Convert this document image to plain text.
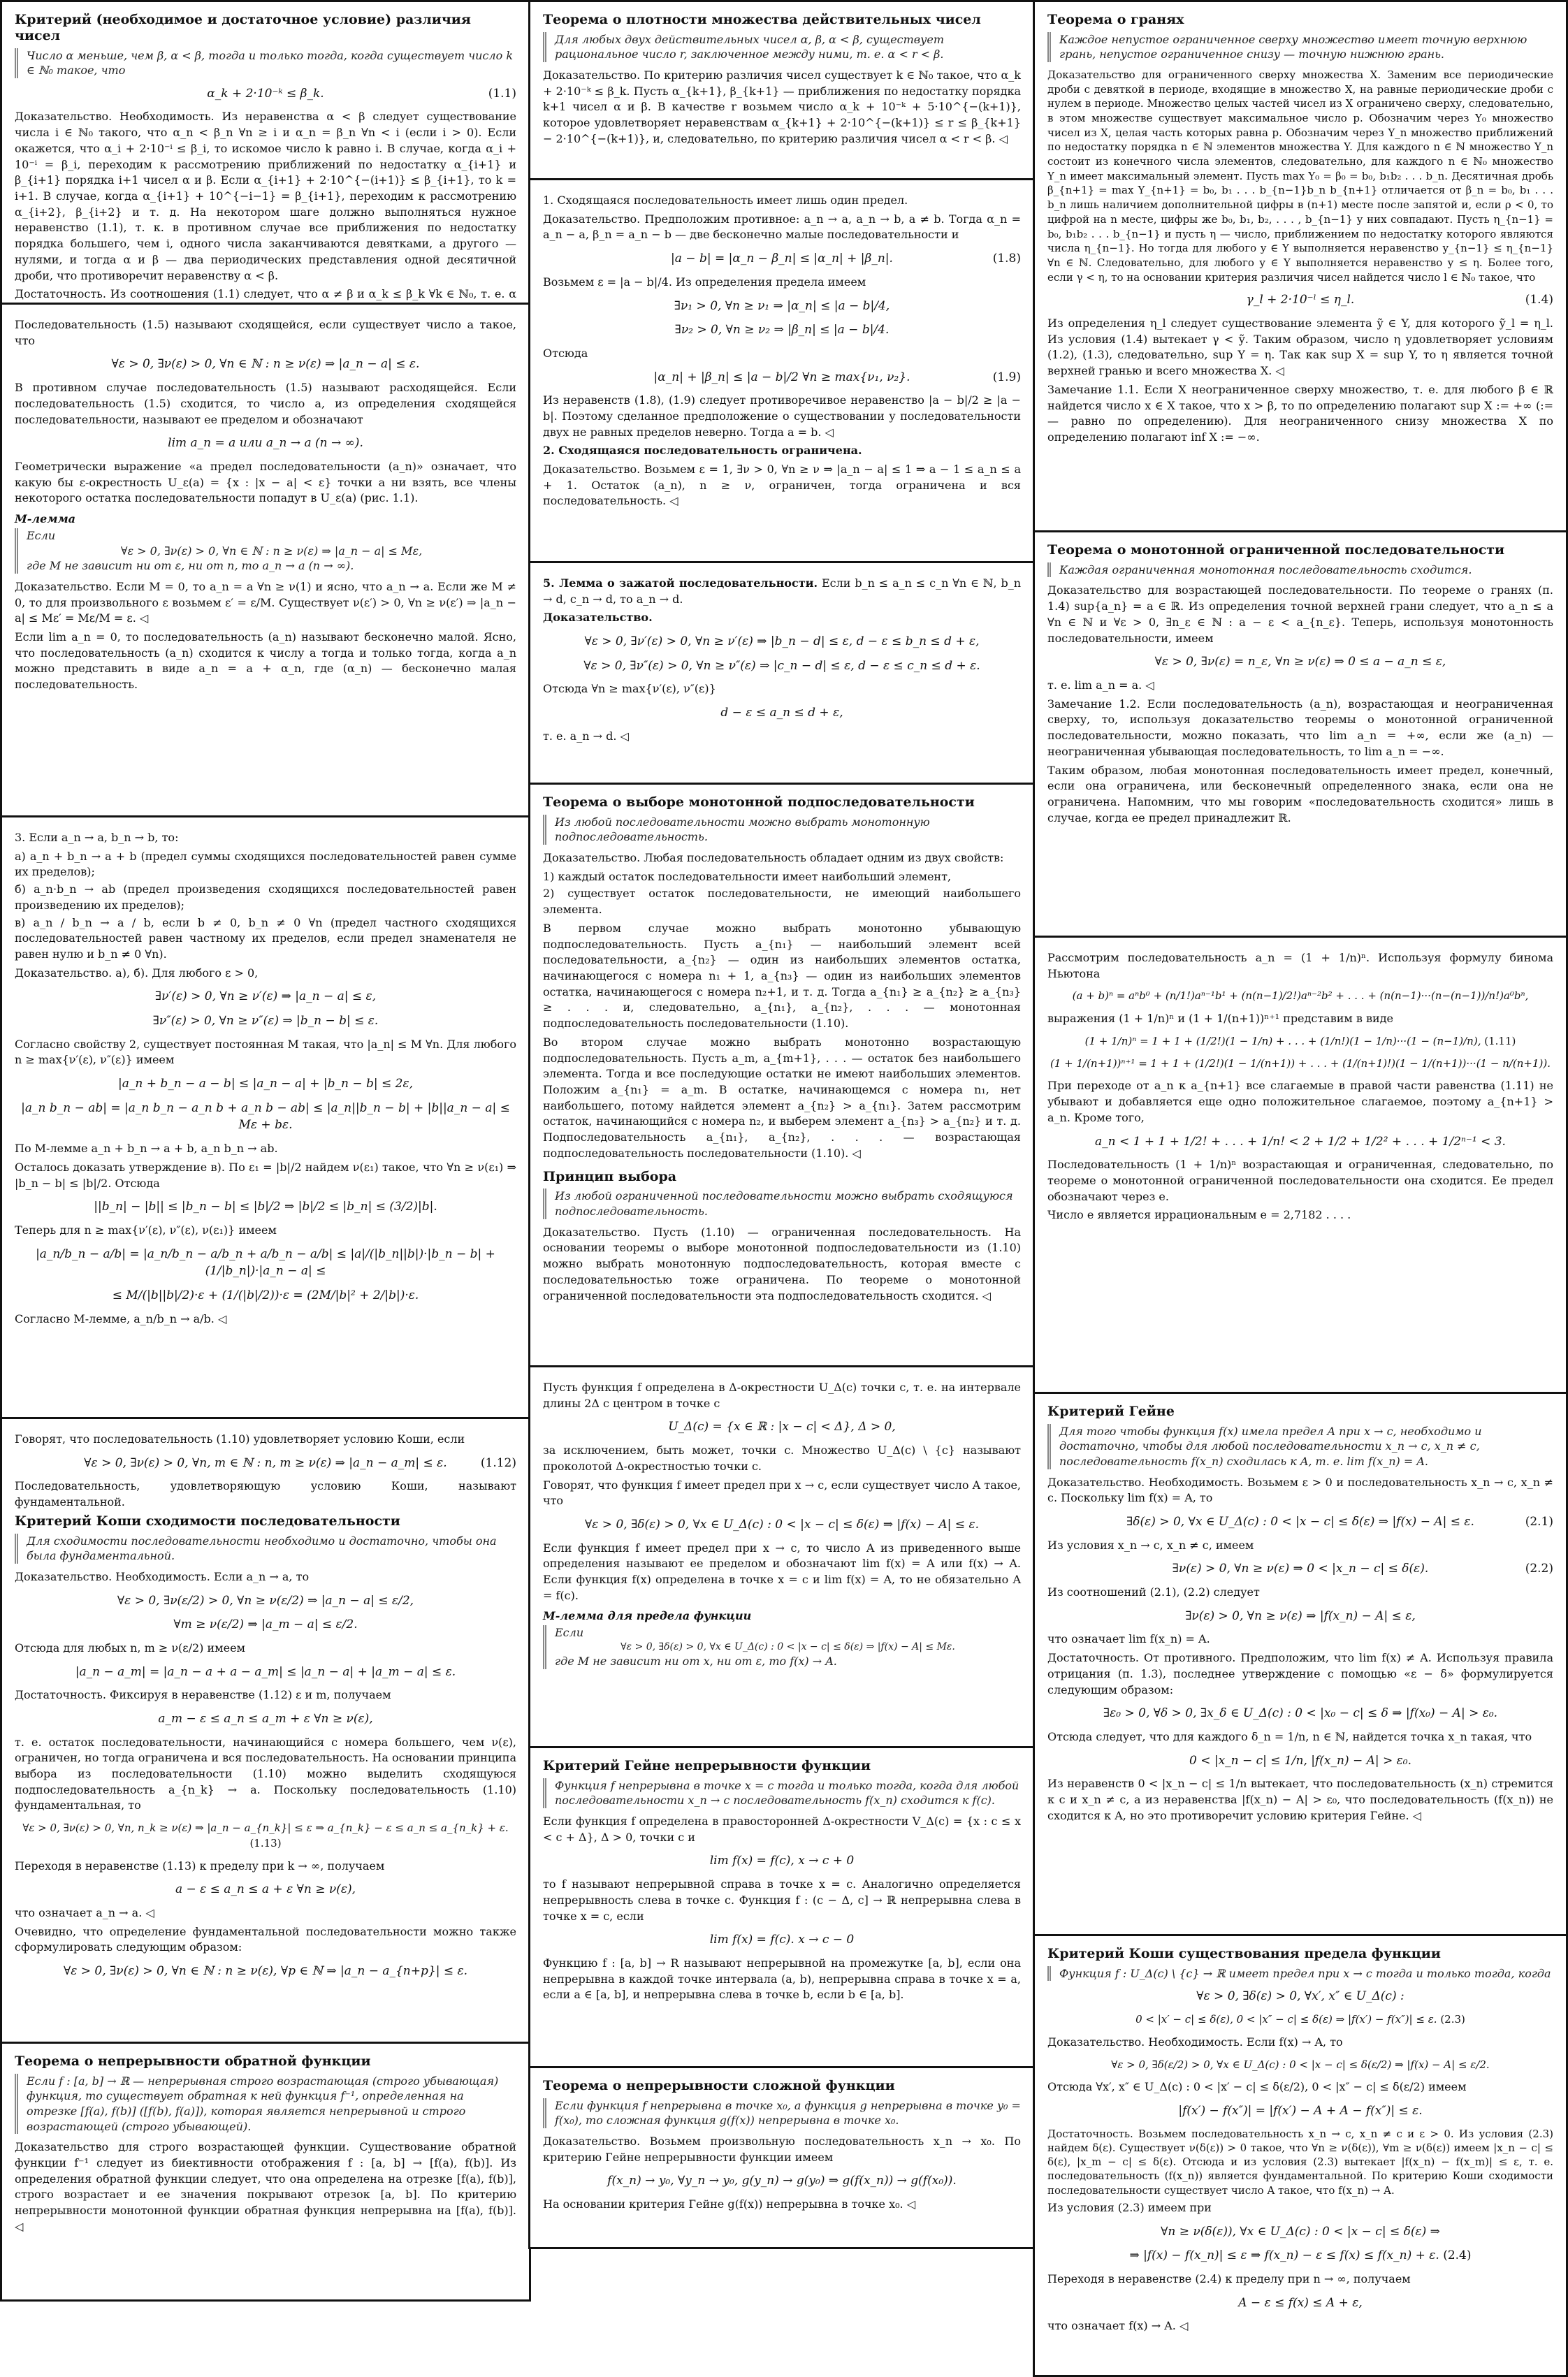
Критерий (необходимое и достаточное условие) различия чисел
Число α меньше, чем β, α < β, тогда и только тогда, когда существует число k ∈ ℕ₀ такое, что
α_k + 2·10⁻ᵏ ≤ β_k.	(1.1)

Доказательство. Необходимость. Из неравенства α < β следует существование числа i ∈ ℕ₀ такого, что α_n < β_n ∀n ≥ i и α_n = β_n ∀n < i (если i > 0). Если окажется, что α_i + 2·10⁻ⁱ ≤ β_i, то искомое число k равно i. В случае, когда α_i + 10⁻ⁱ = β_i, переходим к рассмотрению приближений по недостатку α_{i+1} и β_{i+1} порядка i+1 чисел α и β. Если α_{i+1} + 2·10^{−(i+1)} ≤ β_{i+1}, то k = i+1. В случае, когда α_{i+1} + 10^{−i−1} = β_{i+1}, переходим к рассмотрению α_{i+2}, β_{i+2} и т. д. На некотором шаге должно выполняться нужное неравенство (1.1), т. к. в противном случае все приближения по недостатку порядка большего, чем i, одного числа заканчиваются девятками, а другого — нулями, и тогда α и β — два периодических представления одной десятичной дроби, что противоречит неравенству α < β.

Достаточность. Из соотношения (1.1) следует, что α ≠ β и α_k ≤ β_k ∀k ∈ ℕ₀, т. е. α

Последовательность (1.5) называют сходящейся, если существует число a такое, что

∀ε > 0, ∃ν(ε) > 0, ∀n ∈ ℕ : n ≥ ν(ε) ⇒ |a_n − a| ≤ ε.

В противном случае последовательность (1.5) называют расходящейся. Если последовательность (1.5) сходится, то число a, из определения сходящейся последовательности, называют ее пределом и обозначают

lim a_n = a или a_n → a (n → ∞).

Геометрически выражение «a предел последовательности (a_n)» означает, что какую бы ε-окрестность U_ε(a) = {x : |x − a| < ε} точки a ни взять, все члены некоторого остатка последовательности попадут в U_ε(a) (рис. 1.1).

M-лемма
Если
∀ε > 0, ∃ν(ε) > 0, ∀n ∈ ℕ : n ≥ ν(ε) ⇒ |a_n − a| ≤ Mε,
где M не зависит ни от ε, ни от n, то a_n → a (n → ∞).

Доказательство. Если M = 0, то a_n = a ∀n ≥ ν(1) и ясно, что a_n → a. Если же M ≠ 0, то для произвольного ε возьмем ε′ = ε/M. Существует ν(ε′) > 0, ∀n ≥ ν(ε′) ⇒ |a_n − a| ≤ Mε′ = Mε/M = ε. ◁

Если lim a_n = 0, то последовательность (a_n) называют бесконечно малой. Ясно, что последовательность (a_n) сходится к числу a тогда и только тогда, когда a_n можно представить в виде a_n = a + α_n, где (α_n) — бесконечно малая последовательность.

3. Если a_n → a, b_n → b, то:

а) a_n + b_n → a + b (предел суммы сходящихся последовательностей равен сумме их пределов);

б) a_n·b_n → ab (предел произведения сходящихся последовательностей равен произведению их пределов);

в) a_n / b_n → a / b, если b ≠ 0, b_n ≠ 0 ∀n (предел частного сходящихся последовательностей равен частному их пределов, если предел знаменателя не равен нулю и b_n ≠ 0 ∀n).

Доказательство. а), б). Для любого ε > 0,

∃ν′(ε) > 0, ∀n ≥ ν′(ε) ⇒ |a_n − a| ≤ ε,
∃ν″(ε) > 0, ∀n ≥ ν″(ε) ⇒ |b_n − b| ≤ ε.

Согласно свойству 2, существует постоянная M такая, что |a_n| ≤ M ∀n. Для любого n ≥ max{ν′(ε), ν″(ε)} имеем

|a_n + b_n − a − b| ≤ |a_n − a| + |b_n − b| ≤ 2ε,
|a_n b_n − ab| = |a_n b_n − a_n b + a_n b − ab| ≤ |a_n||b_n − b| + |b||a_n − a| ≤ Mε + bε.

По M-лемме a_n + b_n → a + b, a_n b_n → ab.

Осталось доказать утверждение в). По ε₁ = |b|/2 найдем ν(ε₁) такое, что ∀n ≥ ν(ε₁) ⇒ |b_n − b| ≤ |b|/2. Отсюда

||b_n| − |b|| ≤ |b_n − b| ≤ |b|/2 ⇒ |b|/2 ≤ |b_n| ≤ (3/2)|b|.

Теперь для n ≥ max{ν′(ε), ν″(ε), ν(ε₁)} имеем

|a_n/b_n − a/b| = |a_n/b_n − a/b_n + a/b_n − a/b| ≤ |a|/(|b_n||b|)·|b_n − b| + (1/|b_n|)·|a_n − a| ≤
≤ M/(|b||b|/2)·ε + (1/(|b|/2))·ε = (2M/|b|² + 2/|b|)·ε.

Согласно M-лемме, a_n/b_n → a/b. ◁

Говорят, что последовательность (1.10) удовлетворяет условию Коши, если

∀ε > 0, ∃ν(ε) > 0, ∀n, m ∈ ℕ : n, m ≥ ν(ε) ⇒ |a_n − a_m| ≤ ε.	(1.12)

Последовательность, удовлетворяющую условию Коши, называют фундаментальной.

Критерий Коши сходимости последовательности
Для сходимости последовательности необходимо и достаточно, чтобы она была фундаментальной.

Доказательство. Необходимость. Если a_n → a, то

∀ε > 0, ∃ν(ε/2) > 0, ∀n ≥ ν(ε/2) ⇒ |a_n − a| ≤ ε/2,
∀m ≥ ν(ε/2) ⇒ |a_m − a| ≤ ε/2.

Отсюда для любых n, m ≥ ν(ε/2) имеем

|a_n − a_m| = |a_n − a + a − a_m| ≤ |a_n − a| + |a_m − a| ≤ ε.

Достаточность. Фиксируя в неравенстве (1.12) ε и m, получаем

a_m − ε ≤ a_n ≤ a_m + ε ∀n ≥ ν(ε),

т. е. остаток последовательности, начинающийся с номера большего, чем ν(ε), ограничен, но тогда ограничена и вся последовательность. На основании принципа выбора из последовательности (1.10) можно выделить сходящуюся подпоследовательность a_{n_k} → a. Поскольку последовательность (1.10) фундаментальная, то

∀ε > 0, ∃ν(ε) > 0, ∀n, n_k ≥ ν(ε) ⇒ |a_n − a_{n_k}| ≤ ε ⇒ a_{n_k} − ε ≤ a_n ≤ a_{n_k} + ε. (1.13)

Переходя в неравенстве (1.13) к пределу при k → ∞, получаем

a − ε ≤ a_n ≤ a + ε ∀n ≥ ν(ε),

что означает a_n → a. ◁

Очевидно, что определение фундаментальной последовательности можно также сформулировать следующим образом:

∀ε > 0, ∃ν(ε) > 0, ∀n ∈ ℕ : n ≥ ν(ε), ∀p ∈ ℕ ⇒ |a_n − a_{n+p}| ≤ ε.
Теорема о непрерывности обратной функции
Если f : [a, b] → ℝ — непрерывная строго возрастающая (строго убывающая) функция, то существует обратная к ней функция f⁻¹, определенная на отрезке [f(a), f(b)] ([f(b), f(a)]), которая является непрерывной и строго возрастающей (строго убывающей).

Доказательство для строго возрастающей функции. Существование обратной функции f⁻¹ следует из биективности отображения f : [a, b] → [f(a), f(b)]. Из определения обратной функции следует, что она определена на отрезке [f(a), f(b)], строго возрастает и ее значения покрывают отрезок [a, b]. По критерию непрерывности монотонной функции обратная функция непрерывна на [f(a), f(b)]. ◁

Теорема о плотности множества действительных чисел
Для любых двух действительных чисел α, β, α < β, существует рациональное число r, заключенное между ними, т. е. α < r < β.

Доказательство. По критерию различия чисел существует k ∈ ℕ₀ такое, что α_k + 2·10⁻ᵏ ≤ β_k. Пусть α_{k+1}, β_{k+1} — приближения по недостатку порядка k+1 чисел α и β. В качестве r возьмем число α_k + 10⁻ᵏ + 5·10^{−(k+1)}, которое удовлетворяет неравенствам α_{k+1} + 2·10^{−(k+1)} ≤ r ≤ β_{k+1} − 2·10^{−(k+1)}, и, следовательно, по критерию различия чисел α < r < β. ◁

1. Сходящаяся последовательность имеет лишь один предел.

Доказательство. Предположим противное: a_n → a, a_n → b, a ≠ b. Тогда α_n = a_n − a, β_n = a_n − b — две бесконечно малые последовательности и

|a − b| = |α_n − β_n| ≤ |α_n| + |β_n|.	(1.8)

Возьмем ε = |a − b|/4. Из определения предела имеем

∃ν₁ > 0, ∀n ≥ ν₁ ⇒ |α_n| ≤ |a − b|/4,
∃ν₂ > 0, ∀n ≥ ν₂ ⇒ |β_n| ≤ |a − b|/4.

Отсюда

|α_n| + |β_n| ≤ |a − b|/2 ∀n ≥ max{ν₁, ν₂}.	(1.9)

Из неравенств (1.8), (1.9) следует противоречивое неравенство |a − b|/2 ≥ |a − b|. Поэтому сделанное предположение о существовании у последовательности двух не равных пределов неверно. Тогда a = b. ◁

2. Сходящаяся последовательность ограничена.

Доказательство. Возьмем ε = 1, ∃ν > 0, ∀n ≥ ν ⇒ |a_n − a| ≤ 1 ⇒ a − 1 ≤ a_n ≤ a + 1. Остаток (a_n), n ≥ ν, ограничен, тогда ограничена и вся последовательность. ◁

5. Лемма о зажатой последовательности. Если b_n ≤ a_n ≤ c_n ∀n ∈ ℕ, b_n → d, c_n → d, то a_n → d.

Доказательство.

∀ε > 0, ∃ν′(ε) > 0, ∀n ≥ ν′(ε) ⇒ |b_n − d| ≤ ε, d − ε ≤ b_n ≤ d + ε,
∀ε > 0, ∃ν″(ε) > 0, ∀n ≥ ν″(ε) ⇒ |c_n − d| ≤ ε, d − ε ≤ c_n ≤ d + ε.

Отсюда ∀n ≥ max{ν′(ε), ν″(ε)}

d − ε ≤ a_n ≤ d + ε,

т. е. a_n → d. ◁

Теорема о выборе монотонной подпоследовательности
Из любой последовательности можно выбрать монотонную подпоследовательность.

Доказательство. Любая последовательность обладает одним из двух свойств:

1) каждый остаток последовательности имеет наибольший элемент,

2) существует остаток последовательности, не имеющий наибольшего элемента.

В первом случае можно выбрать монотонно убывающую подпоследовательность. Пусть a_{n₁} — наибольший элемент всей последовательности, a_{n₂} — один из наибольших элементов остатка, начинающегося с номера n₁ + 1, a_{n₃} — один из наибольших элементов остатка, начинающегося с номера n₂+1, и т. д. Тогда a_{n₁} ≥ a_{n₂} ≥ a_{n₃} ≥ . . . и, следовательно, a_{n₁}, a_{n₂}, . . . — монотонная подпоследовательность последовательности (1.10).

Во втором случае можно выбрать монотонно возрастающую подпоследовательность. Пусть a_m, a_{m+1}, . . . — остаток без наибольшего элемента. Тогда и все последующие остатки не имеют наибольших элементов. Положим a_{n₁} = a_m. В остатке, начинающемся с номера n₁, нет наибольшего, потому найдется элемент a_{n₂} > a_{n₁}. Затем рассмотрим остаток, начинающийся с номера n₂, и выберем элемент a_{n₃} > a_{n₂} и т. д. Подпоследовательность a_{n₁}, a_{n₂}, . . . — возрастающая подпоследовательность последовательности (1.10). ◁

Принцип выбора
Из любой ограниченной последовательности можно выбрать сходящуюся подпоследовательность.

Доказательство. Пусть (1.10) — ограниченная последовательность. На основании теоремы о выборе монотонной подпоследовательности из (1.10) можно выбрать монотонную подпоследовательность, которая вместе с последовательностью тоже ограничена. По теореме о монотонной ограниченной последовательности эта подпоследовательность сходится. ◁

Пусть функция f определена в Δ-окрестности U_Δ(c) точки c, т. е. на интервале длины 2Δ с центром в точке c

U_Δ(c) = {x ∈ ℝ : |x − c| < Δ}, Δ > 0,

за исключением, быть может, точки c. Множество U_Δ(c) \ {c} называют проколотой Δ-окрестностью точки c.

Говорят, что функция f имеет предел при x → c, если существует число A такое, что

∀ε > 0, ∃δ(ε) > 0, ∀x ∈ U_Δ(c) : 0 < |x − c| ≤ δ(ε) ⇒ |f(x) − A| ≤ ε.

Если функция f имеет предел при x → c, то число A из приведенного выше определения называют ее пределом и обозначают lim f(x) = A или f(x) → A. Если функция f(x) определена в точке x = c и lim f(x) = A, то не обязательно A = f(c).

M-лемма для предела функции
Если
∀ε > 0, ∃δ(ε) > 0, ∀x ∈ U_Δ(c) : 0 < |x − c| ≤ δ(ε) ⇒ |f(x) − A| ≤ Mε.
где M не зависит ни от x, ни от ε, то f(x) → A.
Критерий Гейне непрерывности функции
Функция f непрерывна в точке x = c тогда и только тогда, когда для любой последовательности x_n → c последовательность f(x_n) сходится к f(c).

Если функция f определена в правосторонней Δ-окрестности V_Δ(c) = {x : c ≤ x < c + Δ}, Δ > 0, точки c и

lim f(x) = f(c), x → c + 0

то f называют непрерывной справа в точке x = c. Аналогично определяется непрерывность слева в точке c. Функция f : (c − Δ, c] → ℝ непрерывна слева в точке x = c, если

lim f(x) = f(c). x → c − 0

Функцию f : [a, b] → R называют непрерывной на промежутке [a, b], если она непрерывна в каждой точке интервала (a, b), непрерывна справа в точке x = a, если a ∈ [a, b], и непрерывна слева в точке b, если b ∈ [a, b].

Теорема о непрерывности сложной функции
Если функция f непрерывна в точке x₀, а функция g непрерывна в точке y₀ = f(x₀), то сложная функция g(f(x)) непрерывна в точке x₀.

Доказательство. Возьмем произвольную последовательность x_n → x₀. По критерию Гейне непрерывности функции имеем

f(x_n) → y₀, ∀y_n → y₀, g(y_n) → g(y₀) ⇒ g(f(x_n)) → g(f(x₀)).

На основании критерия Гейне g(f(x)) непрерывна в точке x₀. ◁

Теорема о гранях
Каждое непустое ограниченное сверху множество имеет точную верхнюю грань, непустое ограниченное снизу — точную нижнюю грань.

Доказательство для ограниченного сверху множества X. Заменим все периодические дроби с девяткой в периоде, входящие в множество X, на равные периодические дроби с нулем в периоде. Множество целых частей чисел из X ограничено сверху, следовательно, в этом множестве существует максимальное число p. Обозначим через Y₀ множество чисел из X, целая часть которых равна p. Обозначим через Y_n множество приближений по недостатку порядка n ∈ ℕ элементов множества Y. Для каждого n ∈ ℕ множество Y_n состоит из конечного числа элементов, следовательно, для каждого n ∈ ℕ₀ множество Y_n имеет максимальный элемент. Пусть max Y₀ = β₀ = b₀, b₁b₂ . . . b_n. Десятичная дробь β_{n+1} = max Y_{n+1} = b₀, b₁ . . . b_{n−1}b_n b_{n+1} отличается от β_n = b₀, b₁ . . . b_n лишь наличием дополнительной цифры в (n+1) месте после запятой и, если ρ < 0, то цифрой на n месте, цифры же b₀, b₁, b₂, . . . , b_{n−1} у них совпадают. Пусть η_{n−1} = b₀, b₁b₂ . . . b_{n−1} и пусть η — число, приближением по недостатку которого являются числа η_{n−1}. Но тогда для любого y ∈ Y выполняется неравенство y_{n−1} ≤ η_{n−1} ∀n ∈ ℕ. Следовательно, для любого y ∈ Y выполняется неравенство y ≤ η. Более того, если γ < η, то на основании критерия различия чисел найдется число l ∈ ℕ₀ такое, что

γ_l + 2·10⁻ˡ ≤ η_l.	(1.4)

Из определения η_l следует существование элемента ỹ ∈ Y, для которого ỹ_l = η_l. Из условия (1.4) вытекает γ < ỹ. Таким образом, число η удовлетворяет условиям (1.2), (1.3), следовательно, sup Y = η. Так как sup X = sup Y, то η является точной верхней гранью и всего множества X. ◁

Замечание 1.1. Если X неограниченное сверху множество, т. е. для любого β ∈ ℝ найдется число x ∈ X такое, что x > β, то по определению полагают sup X := +∞ (:= — равно по определению). Для неограниченного снизу множества X по определению полагают inf X := −∞.

Теорема о монотонной ограниченной последовательности
Каждая ограниченная монотонная последовательность сходится.

Доказательство для возрастающей последовательности. По теореме о гранях (п. 1.4) sup{a_n} = a ∈ ℝ. Из определения точной верхней грани следует, что a_n ≤ a ∀n ∈ ℕ и ∀ε > 0, ∃n_ε ∈ ℕ : a − ε < a_{n_ε}. Теперь, используя монотонность последовательности, имеем

∀ε > 0, ∃ν(ε) = n_ε, ∀n ≥ ν(ε) ⇒ 0 ≤ a − a_n ≤ ε,

т. е. lim a_n = a. ◁

Замечание 1.2. Если последовательность (a_n), возрастающая и неограниченная сверху, то, используя доказательство теоремы о монотонной ограниченной последовательности, можно показать, что lim a_n = +∞, если же (a_n) — неограниченная убывающая последовательность, то lim a_n = −∞.

Таким образом, любая монотонная последовательность имеет предел, конечный, если она ограничена, или бесконечный определенного знака, если она не ограничена. Напомним, что мы говорим «последовательность сходится» лишь в случае, когда ее предел принадлежит ℝ.

Рассмотрим последовательность a_n = (1 + 1/n)ⁿ. Используя формулу бинома Ньютона

(a + b)ⁿ = aⁿb⁰ + (n/1!)aⁿ⁻¹b¹ + (n(n−1)/2!)aⁿ⁻²b² + . . . + (n(n−1)···(n−(n−1))/n!)a⁰bⁿ,

выражения (1 + 1/n)ⁿ и (1 + 1/(n+1))ⁿ⁺¹ представим в виде

(1 + 1/n)ⁿ = 1 + 1 + (1/2!)(1 − 1/n) + . . . + (1/n!)(1 − 1/n)···(1 − (n−1)/n), (1.11)
(1 + 1/(n+1))ⁿ⁺¹ = 1 + 1 + (1/2!)(1 − 1/(n+1)) + . . . + (1/(n+1)!)(1 − 1/(n+1))···(1 − n/(n+1)).

При переходе от a_n к a_{n+1} все слагаемые в правой части равенства (1.11) не убывают и добавляется еще одно положительное слагаемое, поэтому a_{n+1} > a_n. Кроме того,

a_n < 1 + 1 + 1/2! + . . . + 1/n! < 2 + 1/2 + 1/2² + . . . + 1/2ⁿ⁻¹ < 3.

Последовательность (1 + 1/n)ⁿ возрастающая и ограниченная, следовательно, по теореме о монотонной ограниченной последовательности она сходится. Ее предел обозначают через e.

Число e является иррациональным e = 2,7182 . . . .

Критерий Гейне
Для того чтобы функция f(x) имела предел A при x → c, необходимо и достаточно, чтобы для любой последовательности x_n → c, x_n ≠ c, последовательность f(x_n) сходилась к A, т. е. lim f(x_n) = A.

Доказательство. Необходимость. Возьмем ε > 0 и последовательность x_n → c, x_n ≠ c. Поскольку lim f(x) = A, то

∃δ(ε) > 0, ∀x ∈ U_Δ(c) : 0 < |x − c| ≤ δ(ε) ⇒ |f(x) − A| ≤ ε.	(2.1)

Из условия x_n → c, x_n ≠ c, имеем

∃ν(ε) > 0, ∀n ≥ ν(ε) ⇒ 0 < |x_n − c| ≤ δ(ε).	(2.2)

Из соотношений (2.1), (2.2) следует

∃ν(ε) > 0, ∀n ≥ ν(ε) ⇒ |f(x_n) − A| ≤ ε,

что означает lim f(x_n) = A.

Достаточность. От противного. Предположим, что lim f(x) ≠ A. Используя правила отрицания (п. 1.3), последнее утверждение с помощью «ε − δ» формулируется следующим образом:

∃ε₀ > 0, ∀δ > 0, ∃x_δ ∈ U_Δ(c) : 0 < |x₀ − c| ≤ δ ⇒ |f(x₀) − A| > ε₀.

Отсюда следует, что для каждого δ_n = 1/n, n ∈ ℕ, найдется точка x_n такая, что

0 < |x_n − c| ≤ 1/n, |f(x_n) − A| > ε₀.

Из неравенств 0 < |x_n − c| ≤ 1/n вытекает, что последовательность (x_n) стремится к c и x_n ≠ c, а из неравенства |f(x_n) − A| > ε₀, что последовательность (f(x_n)) не сходится к A, но это противоречит условию критерия Гейне. ◁

Критерий Коши существования предела функции
Функция f : U_Δ(c) \ {c} → ℝ имеет предел при x → c тогда и только тогда, когда
∀ε > 0, ∃δ(ε) > 0, ∀x′, x″ ∈ U_Δ(c) :
0 < |x′ − c| ≤ δ(ε), 0 < |x″ − c| ≤ δ(ε) ⇒ |f(x′) − f(x″)| ≤ ε. (2.3)

Доказательство. Необходимость. Если f(x) → A, то

∀ε > 0, ∃δ(ε/2) > 0, ∀x ∈ U_Δ(c) : 0 < |x − c| ≤ δ(ε/2) ⇒ |f(x) − A| ≤ ε/2.

Отсюда ∀x′, x″ ∈ U_Δ(c) : 0 < |x′ − c| ≤ δ(ε/2), 0 < |x″ − c| ≤ δ(ε/2) имеем

|f(x′) − f(x″)| = |f(x′) − A + A − f(x″)| ≤ ε.

Достаточность. Возьмем последовательность x_n → c, x_n ≠ c и ε > 0. Из условия (2.3) найдем δ(ε). Существует ν(δ(ε)) > 0 такое, что ∀n ≥ ν(δ(ε)), ∀m ≥ ν(δ(ε)) имеем |x_n − c| ≤ δ(ε), |x_m − c| ≤ δ(ε). Отсюда и из условия (2.3) вытекает |f(x_n) − f(x_m)| ≤ ε, т. е. последовательность (f(x_n)) является фундаментальной. По критерию Коши сходимости последовательности существует число A такое, что f(x_n) → A.

Из условия (2.3) имеем при

∀n ≥ ν(δ(ε)), ∀x ∈ U_Δ(c) : 0 < |x − c| ≤ δ(ε) ⇒
⇒ |f(x) − f(x_n)| ≤ ε ⇒ f(x_n) − ε ≤ f(x) ≤ f(x_n) + ε. (2.4)

Переходя в неравенстве (2.4) к пределу при n → ∞, получаем

A − ε ≤ f(x) ≤ A + ε,

что означает f(x) → A. ◁
